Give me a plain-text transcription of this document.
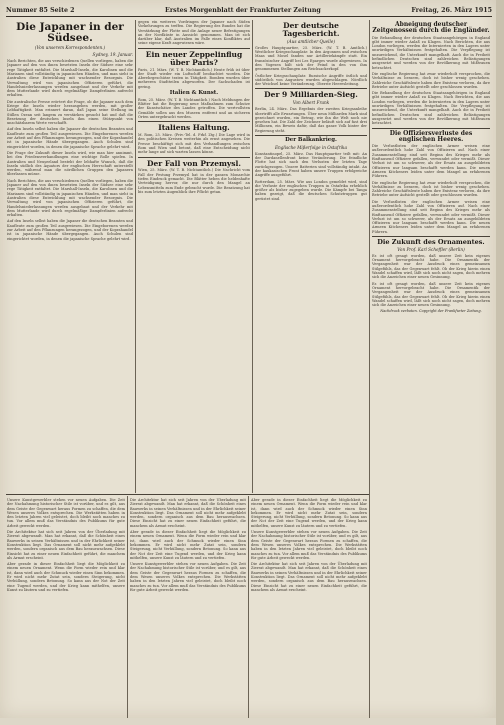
Nummer 85 Seite 2	Erstes Morgenblatt der Frankfurter Zeitung	Freitag, 26. März 1915
Die Japaner in der Südsee.
(Von unserem Korrespondenten.)
Sydney, 19. Januar.

Nach Berichten, die aus verschiedenen Quellen vorliegen, haben die Japaner auf den von ihnen besetzten Inseln der Südsee eine sehr rege Tätigkeit entfaltet. Die Marshall-Inseln, die Karolinen und die Marianen sind vollständig in japanischen Händen, und man sieht in Australien diese Entwicklung mit wachsender Besorgnis. Die Verwaltung wird von japanischen Offizieren geführt, die Handelsniederlassungen werden ausgebaut und der Verkehr mit dem Mutterlande wird durch regelmäßige Dampferlinien aufrecht erhalten.

Die australische Presse erörtert die Frage, ob die Japaner nach dem Kriege die Inseln wieder herausgeben werden, mit großer Lebhaftigkeit. Man erinnert daran, daß Japan seine Stellung im Stillen Ozean seit langem zu verstärken gesucht hat und daß die Besetzung der deutschen Inseln ihm einen Stützpunkt von unschätzbarem Werte verschafft.

Auf den Inseln selbst haben die Japaner die deutschen Beamten und Kaufleute zum großen Teil ausgewiesen. Die Eingeborenen werden zur Arbeit auf den Pflanzungen herangezogen, und der Koprahandel ist in japanische Hände übergegangen. Auch Schulen sind eingerichtet worden, in denen die japanische Sprache gelehrt wird.

Die Frage der Zukunft dieser Inseln wird, wie man hier annimmt, bei den Friedensverhandlungen eine wichtige Rolle spielen. In Australien und Neuseeland besteht der lebhafte Wunsch, daß die Inseln südlich des Äquators der englischen Herrschaft unterstellt werden, während man die nördlichen Gruppen den Japanern überlassen müsse.

Nach Berichten, die aus verschiedenen Quellen vorliegen, haben die Japaner auf den von ihnen besetzten Inseln der Südsee eine sehr rege Tätigkeit entfaltet. Die Marshall-Inseln, die Karolinen und die Marianen sind vollständig in japanischen Händen, und man sieht in Australien diese Entwicklung mit wachsender Besorgnis. Die Verwaltung wird von japanischen Offizieren geführt, die Handelsniederlassungen werden ausgebaut und der Verkehr mit dem Mutterlande wird durch regelmäßige Dampferlinien aufrecht erhalten.

Auf den Inseln selbst haben die Japaner die deutschen Beamten und Kaufleute zum großen Teil ausgewiesen. Die Eingeborenen werden zur Arbeit auf den Pflanzungen herangezogen, und der Koprahandel ist in japanische Hände übergegangen. Auch Schulen sind eingerichtet worden, in denen die japanische Sprache gelehrt wird.

gegen ein weiteres Vordringen der Japaner nach Süden Vorkehrungen zu treffen. Die Regierung des Bundes hat die Verstärkung der Flotte und die Anlage neuer Befestigungen an der Nordküste in Aussicht genommen. Man ist sich darüber klar, daß Australien im Falle eines Konfliktes auf seine eigene Kraft angewiesen wäre.

Ein neuer Zeppelinflug über Paris?

Paris, 21. März. (W. T. B. Nichtamtlich.) Heute früh ist über der Stadt wieder ein Luftschiff beobachtet worden. Die Abwehrgeschütze traten in Tätigkeit. Bomben wurden über mehreren Stadtteilen abgeworfen. Der Sachschaden ist gering.

Italien & Kunst.

Rom, 25. März. (W. T. B. Nichtamtlich.) Nach Meldungen der Blätter hat die Regierung neue Maßnahmen zum Schutze der Kunstschätze des Landes getroffen. Die wertvollsten Gemälde sollen aus den Museen entfernt und an sicheren Orten untergebracht werden.

Italiens Haltung.

M. Rom, 25. März. (Priv.-Tel. d. Frkf. Ztg.) Die Lage wird in den politischen Kreisen weiterhin als ernst angesehen. Die Presse beschäftigt sich mit den Verhandlungen zwischen Rom und Wien und betont, daß eine Entscheidung nicht mehr lange auf sich warten lassen könne.

Der Fall von Przemysl.

Wien, 25. März. (W. T. B. Nichtamtlich.) Die Nachricht vom Fall der Festung Przemysl hat in der ganzen Monarchie tiefen Eindruck gemacht. Die Blätter heben die heldenhafte Verteidigung hervor, die nur durch den Mangel an Lebensmitteln zum Ende gebracht wurde. Die Besatzung hat bis zum letzten Augenblick ihre Pflicht getan.

Der deutsche Tagesbericht.
(Aus amtlicher Quelle)

Großes Hauptquartier, 25. März. (W. T. B. Amtlich.) Westlicher Kriegsschauplatz: In den Argonnen und zwischen Maas und Mosel fanden nur Artilleriekämpfe statt. Ein französischer Angriff bei Les Eparges wurde abgewiesen. In den Vogesen hält sich der Feind in den von ihm genommenen Stellungen am Reichsackerkopf.

Östlicher Kriegsschauplatz: Russische Angriffe östlich und südöstlich von Augustow wurden abgeschlagen. Nördlich der Weichsel keine Veränderung. Oberste Heeresleitung.

Der 9 Milliarden-Sieg.
Von Albert Frank

Berlin, 24. März. Das Ergebnis der zweiten Kriegsanleihe übertrifft alle Erwartungen. Über neun Milliarden Mark sind gezeichnet worden, ein Betrag, wie ihn die Welt noch nie gesehen hat. Die Zahl der Zeichner beläuft sich auf fast drei Millionen, ein Beweis dafür, daß das ganze Volk hinter der Regierung steht.

Der Balkankrieg.
Englische Mißerfolge in Ostafrika

Konstantinopel, 25. März. Das Hauptquartier teilt mit: An der Dardanellenfront keine Veränderung. Die feindliche Flotte hat sich nach den Verlusten der letzten Tage zurückgezogen. Unsere Batterien sind vollständig intakt. An der kaukasischen Front haben unsere Truppen erfolgreiche Angriffe ausgeführt.

Rotterdam, 25. März. Wie aus London gemeldet wird, sind die Verluste der englischen Truppen in Ostafrika erheblich größer als bisher zugegeben wurde. Die Kämpfe bei Tanga haben gezeigt, daß die deutschen Schutztruppen gut gerüstet sind.

Abneigung deutscher Zeitgenossen durch die Engländer.

Die Behandlung der deutschen Staatsangehörigen in England gibt immer wieder Anlaß zu Klagen. Nach Berichten, die aus London vorliegen, werden die Internierten in den Lagern unter unwürdigen Verhältnissen festgehalten. Die Verpflegung ist unzureichend, die Unterkunft mangelhaft. Auch die in Freiheit befindlichen Deutschen sind zahlreichen Belästigungen ausgesetzt und werden von der Bevölkerung mit Mißtrauen betrachtet.

Die englische Regierung hat zwar wiederholt versprochen, die Verhältnisse zu bessern, doch ist bisher wenig geschehen. Zahlreiche Geschäftsleute haben ihre Existenz verloren, da ihre Betriebe unter Aufsicht gestellt oder geschlossen wurden.

Die Behandlung der deutschen Staatsangehörigen in England gibt immer wieder Anlaß zu Klagen. Nach Berichten, die aus London vorliegen, werden die Internierten in den Lagern unter unwürdigen Verhältnissen festgehalten. Die Verpflegung ist unzureichend, die Unterkunft mangelhaft. Auch die in Freiheit befindlichen Deutschen sind zahlreichen Belästigungen ausgesetzt und werden von der Bevölkerung mit Mißtrauen betrachtet.

Die Offiziersverluste des englischen Heeres.

Die Verlustlisten der englischen Armee weisen eine außerordentlich hohe Zahl von Offizieren auf. Nach einer Zusammenstellung sind seit Beginn des Krieges mehr als fünftausend Offiziere gefallen, verwundet oder vermißt. Dieser Verlust ist um so schwerer, als der Ersatz an ausgebildeten Offizieren nur langsam beschafft werden kann. Die neuen Armeen Kitcheners leiden unter dem Mangel an erfahrenen Führern.

Die englische Regierung hat zwar wiederholt versprochen, die Verhältnisse zu bessern, doch ist bisher wenig geschehen. Zahlreiche Geschäftsleute haben ihre Existenz verloren, da ihre Betriebe unter Aufsicht gestellt oder geschlossen wurden.

Die Verlustlisten der englischen Armee weisen eine außerordentlich hohe Zahl von Offizieren auf. Nach einer Zusammenstellung sind seit Beginn des Krieges mehr als fünftausend Offiziere gefallen, verwundet oder vermißt. Dieser Verlust ist um so schwerer, als der Ersatz an ausgebildeten Offizieren nur langsam beschafft werden kann. Die neuen Armeen Kitcheners leiden unter dem Mangel an erfahrenen Führern.

Die Zukunft des Ornamentes.
Von Prof. Karl Scheffler (Berlin)

Es ist oft gesagt worden, daß unsere Zeit kein eigenes Ornament hervorgebracht habe. Die Ornamentik der Vergangenheit war der Ausdruck eines gemeinsamen Stilgefühls, das der Gegenwart fehlt. Ob der Krieg hierin einen Wandel schaffen wird, läßt sich noch nicht sagen, doch mehren sich die Anzeichen einer neuen Gesinnung.

Es ist oft gesagt worden, daß unsere Zeit kein eigenes Ornament hervorgebracht habe. Die Ornamentik der Vergangenheit war der Ausdruck eines gemeinsamen Stilgefühls, das der Gegenwart fehlt. Ob der Krieg hierin einen Wandel schaffen wird, läßt sich noch nicht sagen, doch mehren sich die Anzeichen einer neuen Gesinnung.

Nachdruck verboten. Copyright der Frankfurter Zeitung.

Unsere Kunstgewerbler stehen vor neuen Aufgaben. Die Zeit der Nachahmung historischer Stile ist vorüber, und es gilt, aus dem Geiste der Gegenwart heraus Formen zu schaffen, die dem Wesen unseres Volkes entsprechen. Die Werkstätten haben in den letzten Jahren viel geleistet, doch bleibt noch manches zu tun. Vor allem muß das Verständnis des Publikums für gute Arbeit geweckt werden.

Die Architektur hat sich seit Jahren von der Überladung mit Zierrat abgewandt. Man hat erkannt, daß die Schönheit eines Bauwerks in seinen Verhältnissen und in der Ehrlichkeit seiner Konstruktion liegt. Das Ornament soll nicht mehr aufgeklebt werden, sondern organisch aus dem Bau herauswachsen. Diese Einsicht hat zu einer neuen Einfachheit geführt, die manchem als Armut erscheint.

Aber gerade in dieser Einfachheit liegt die Möglichkeit zu einem neuen Ornament. Wenn die Form wieder rein und klar ist, dann wird auch der Schmuck wieder einen Sinn bekommen. Er wird nicht mehr Zutat sein, sondern Steigerung, nicht Verhüllung, sondern Betonung. So kann aus der Not der Zeit eine Tugend werden, und der Krieg kann mithelfen, unsere Kunst zu läutern und zu vertiefen.

Die Architektur hat sich seit Jahren von der Überladung mit Zierrat abgewandt. Man hat erkannt, daß die Schönheit eines Bauwerks in seinen Verhältnissen und in der Ehrlichkeit seiner Konstruktion liegt. Das Ornament soll nicht mehr aufgeklebt werden, sondern organisch aus dem Bau herauswachsen. Diese Einsicht hat zu einer neuen Einfachheit geführt, die manchem als Armut erscheint.

Aber gerade in dieser Einfachheit liegt die Möglichkeit zu einem neuen Ornament. Wenn die Form wieder rein und klar ist, dann wird auch der Schmuck wieder einen Sinn bekommen. Er wird nicht mehr Zutat sein, sondern Steigerung, nicht Verhüllung, sondern Betonung. So kann aus der Not der Zeit eine Tugend werden, und der Krieg kann mithelfen, unsere Kunst zu läutern und zu vertiefen.

Unsere Kunstgewerbler stehen vor neuen Aufgaben. Die Zeit der Nachahmung historischer Stile ist vorüber, und es gilt, aus dem Geiste der Gegenwart heraus Formen zu schaffen, die dem Wesen unseres Volkes entsprechen. Die Werkstätten haben in den letzten Jahren viel geleistet, doch bleibt noch manches zu tun. Vor allem muß das Verständnis des Publikums für gute Arbeit geweckt werden.

Aber gerade in dieser Einfachheit liegt die Möglichkeit zu einem neuen Ornament. Wenn die Form wieder rein und klar ist, dann wird auch der Schmuck wieder einen Sinn bekommen. Er wird nicht mehr Zutat sein, sondern Steigerung, nicht Verhüllung, sondern Betonung. So kann aus der Not der Zeit eine Tugend werden, und der Krieg kann mithelfen, unsere Kunst zu läutern und zu vertiefen.

Unsere Kunstgewerbler stehen vor neuen Aufgaben. Die Zeit der Nachahmung historischer Stile ist vorüber, und es gilt, aus dem Geiste der Gegenwart heraus Formen zu schaffen, die dem Wesen unseres Volkes entsprechen. Die Werkstätten haben in den letzten Jahren viel geleistet, doch bleibt noch manches zu tun. Vor allem muß das Verständnis des Publikums für gute Arbeit geweckt werden.

Die Architektur hat sich seit Jahren von der Überladung mit Zierrat abgewandt. Man hat erkannt, daß die Schönheit eines Bauwerks in seinen Verhältnissen und in der Ehrlichkeit seiner Konstruktion liegt. Das Ornament soll nicht mehr aufgeklebt werden, sondern organisch aus dem Bau herauswachsen. Diese Einsicht hat zu einer neuen Einfachheit geführt, die manchem als Armut erscheint.
